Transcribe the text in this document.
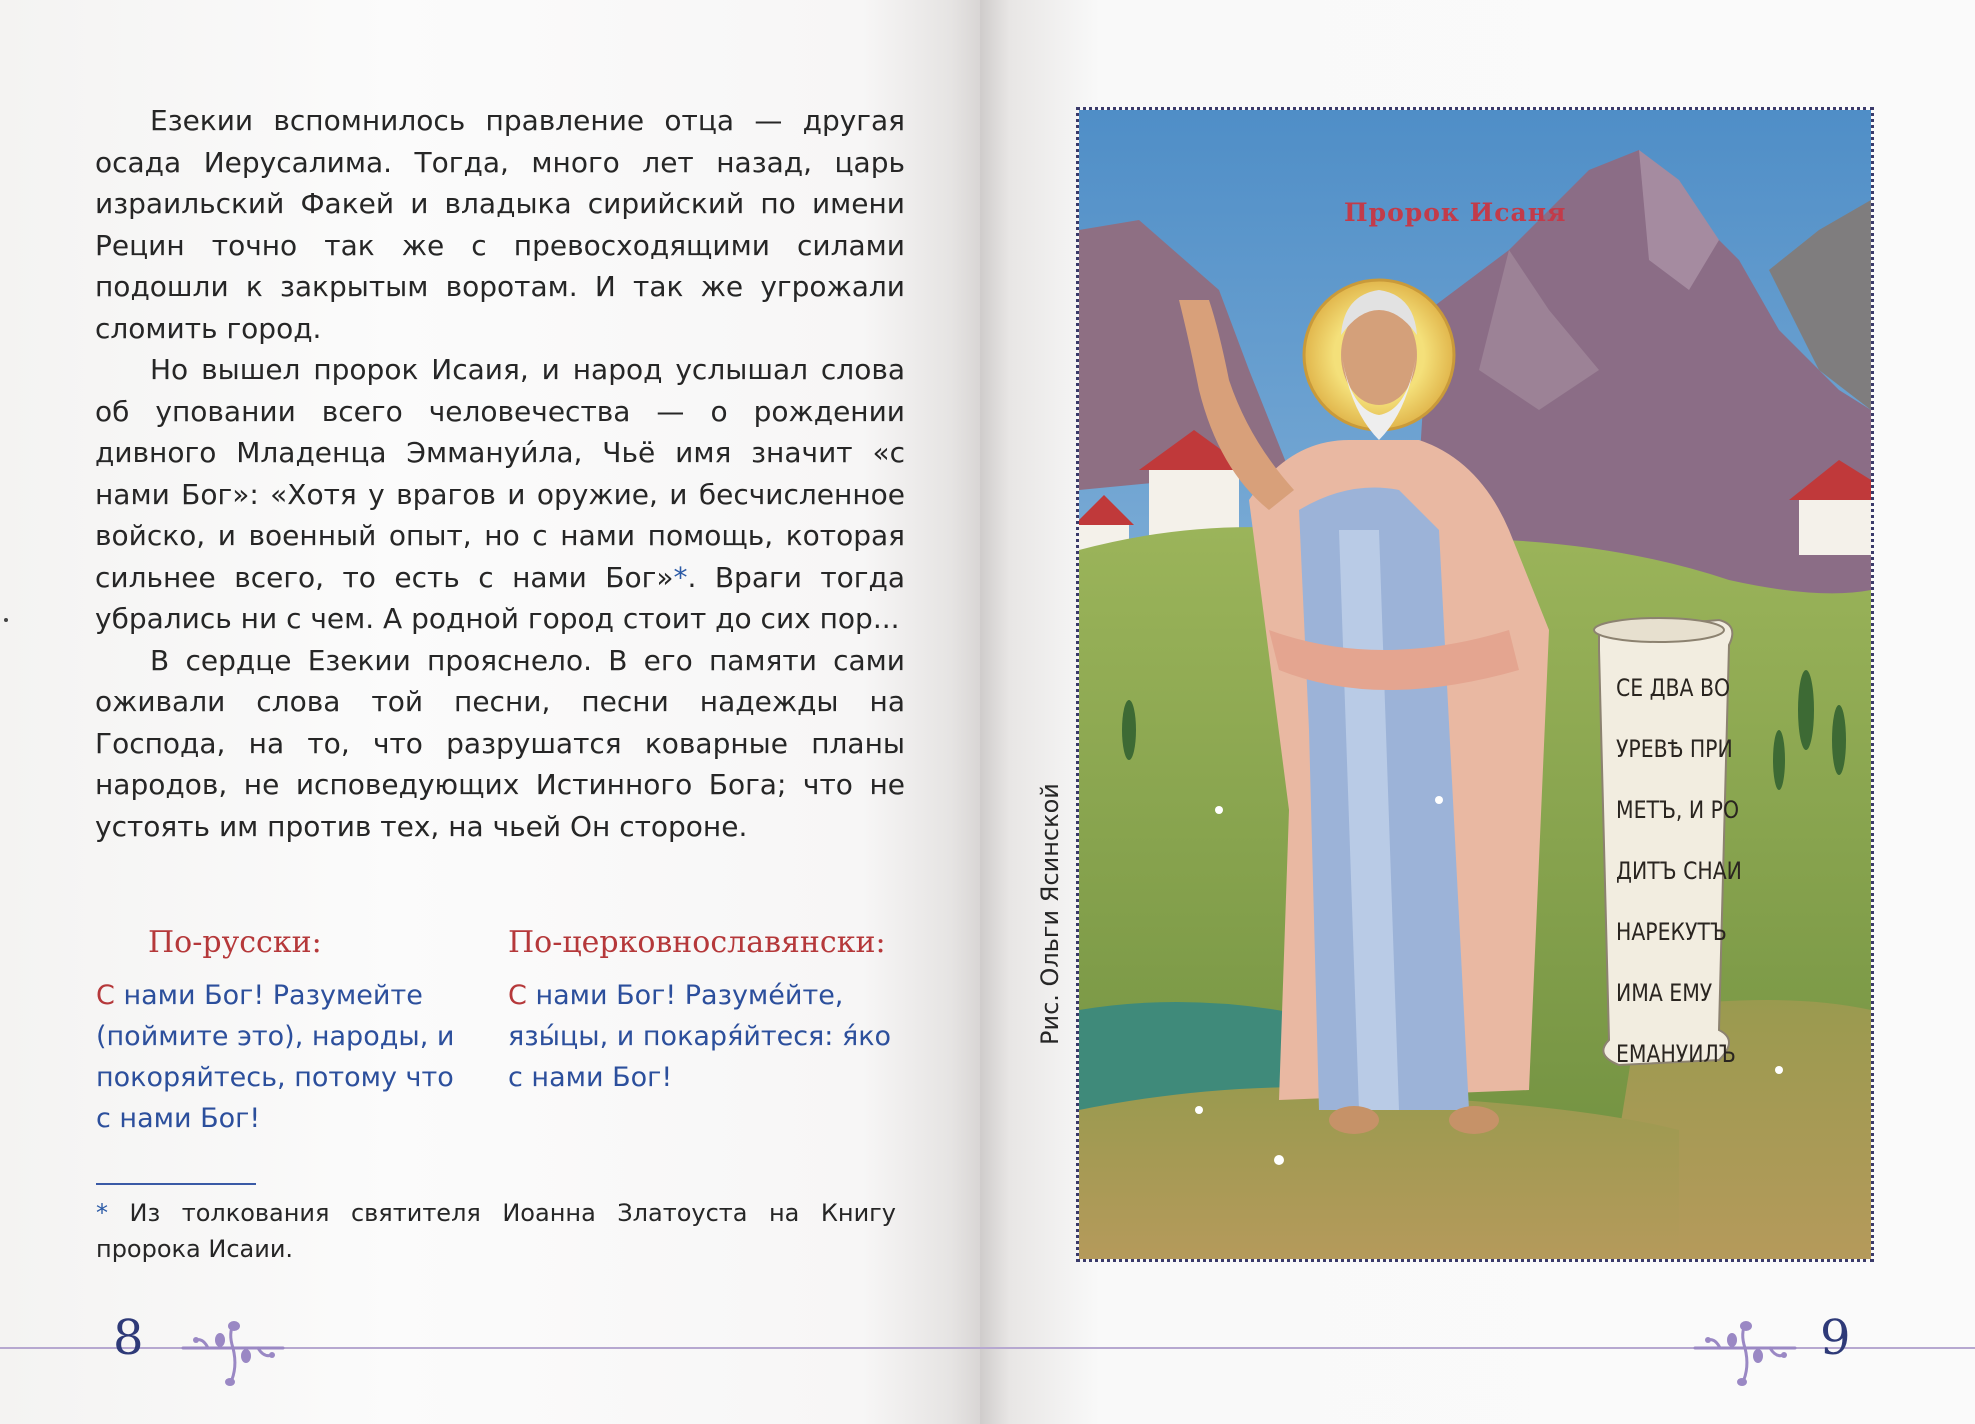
Езекии вспомнилось правление отца — другая осада Иерусалима. Тогда, много лет назад, царь израильский Факей и владыка сирийский по имени Рецин точно так же с превосходящими силами подошли к закрытым воротам. И так же угрожали сломить город.

Но вышел пророк Исаия, и народ услышал слова об уповании всего человечества — о рождении дивного Младенца Эммануи́ла, Чьё имя значит «с нами Бог»: «Хотя у врагов и оружие, и бесчисленное войско, и военный опыт, но с нами помощь, которая сильнее всего, то есть с нами Бог»*. Враги тогда убрались ни с чем. А родной город стоит до сих пор...

В сердце Езекии прояснело. В его памяти сами оживали слова той песни, песни надежды на Господа, на то, что разрушатся коварные планы народов, не исповедующих Истинного Бога; что не устоять им против тех, на чьей Он стороне.

По-русски:
С нами Бог! Разумейте (поймите это), народы, и покоряйтесь, потому что с нами Бог!
По-церковнославянски:
С нами Бог! Разуме́йте, язы́цы, и покаря́йтеся: я́ко с нами Бог!
* Из толкования святителя Иоанна Златоуста на Книгу пророка Исаии.
8	9
Рис. Ольги Ясинской
Пророк Исаня
СЕ ДВА ВО
УРЕВѢ ПРИ
МЕТЪ, И РО
ДИТЪ СНАИ
НАРЕКУТЪ
ИМА ЕМУ
ЕМАНУИЛЪ
